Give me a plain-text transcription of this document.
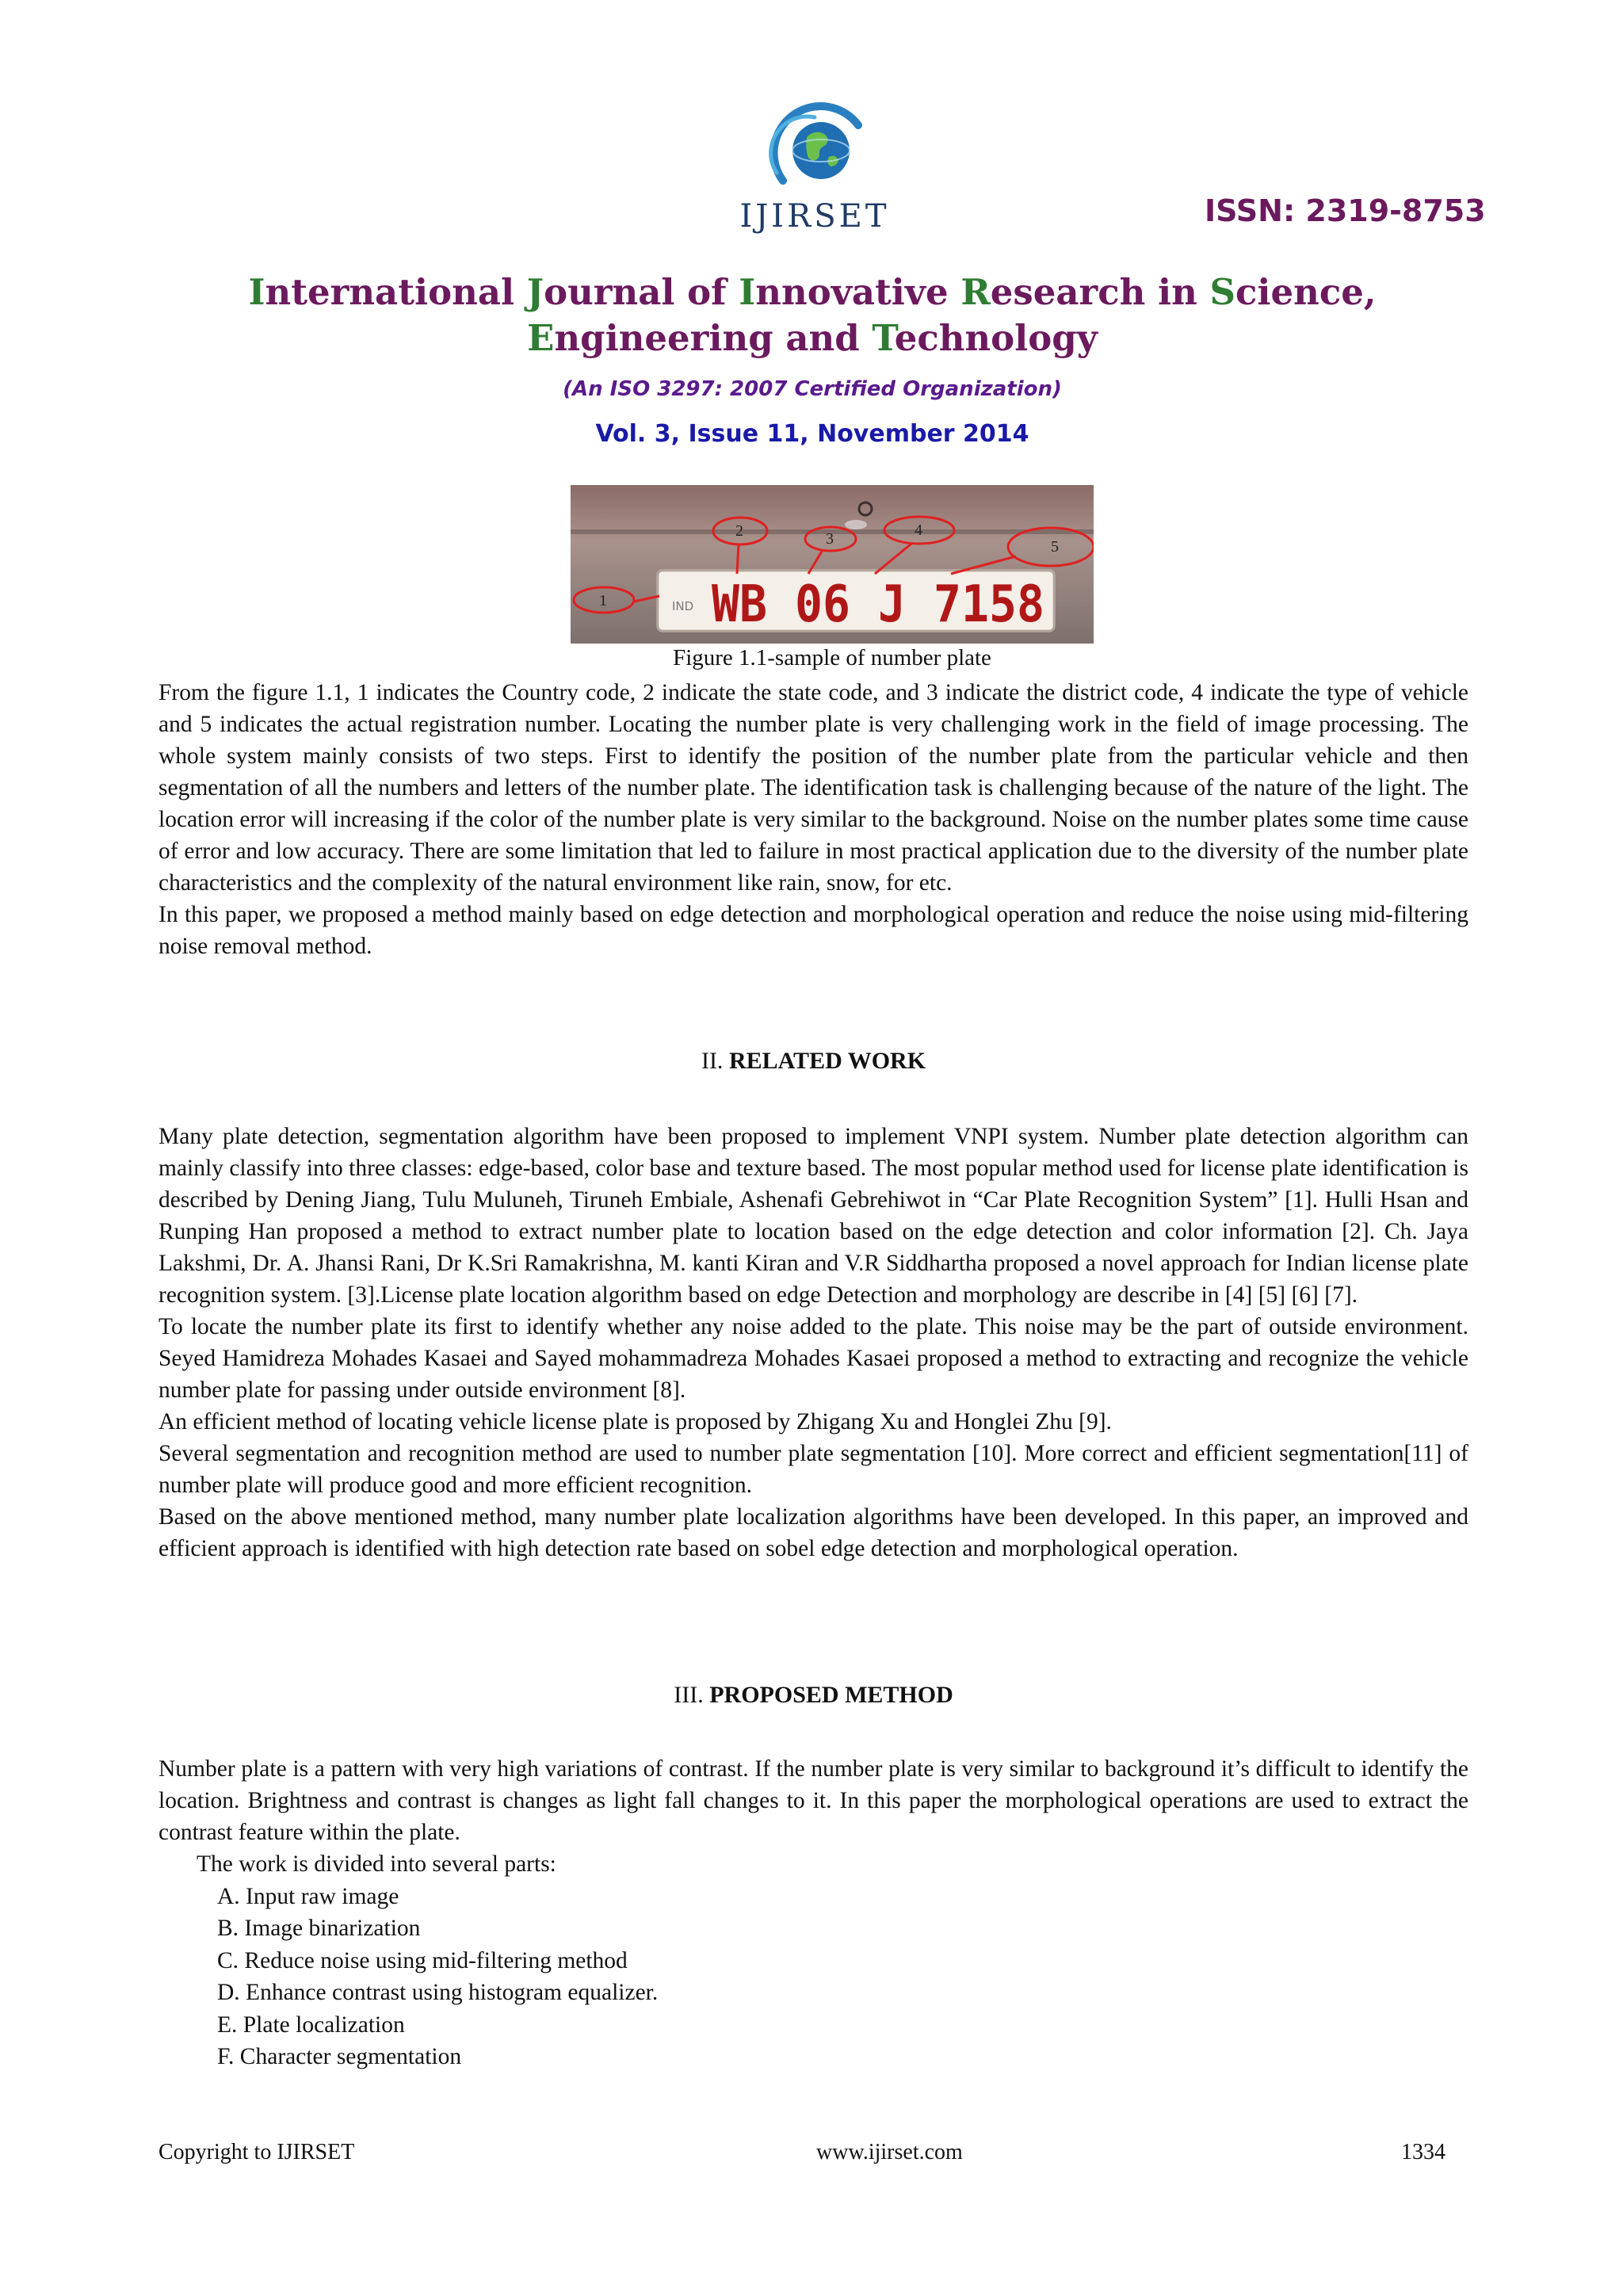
IJIRSET	ISSN: 2319-8753
International Journal of Innovative Research in Science,
Engineering and Technology
(An ISO 3297: 2007 Certified Organization)
Vol. 3, Issue 11, November 2014
IND WB 06 J 7158
1
2	3	4
5
Figure 1.1-sample of number plate

From the figure 1.1, 1 indicates the Country code, 2 indicate the state code, and 3 indicate the district code, 4 indicate the type of vehicle and 5 indicates the actual registration number. Locating the number plate is very challenging work in the field of image processing. The whole system mainly consists of two steps. First to identify the position of the number plate from the particular vehicle and then segmentation of all the numbers and letters of the number plate. The identification task is challenging because of the nature of the light. The location error will increasing if the color of the number plate is very similar to the background. Noise on the number plates some time cause of error and low accuracy. There are some limitation that led to failure in most practical application due to the diversity of the number plate characteristics and the complexity of the natural environment like rain, snow, for etc.

In this paper, we proposed a method mainly based on edge detection and morphological operation and reduce the noise using mid-filtering noise removal method.

II. RELATED WORK

Many plate detection, segmentation algorithm have been proposed to implement VNPI system. Number plate detection algorithm can mainly classify into three classes: edge-based, color base and texture based. The most popular method used for license plate identification is described by Dening Jiang, Tulu Muluneh, Tiruneh Embiale, Ashenafi Gebrehiwot in “Car Plate Recognition System” [1]. Hulli Hsan and Runping Han proposed a method to extract number plate to location based on the edge detection and color information [2]. Ch. Jaya Lakshmi, Dr. A. Jhansi Rani, Dr K.Sri Ramakrishna, M. kanti Kiran and V.R Siddhartha proposed a novel approach for Indian license plate recognition system. [3].License plate location algorithm based on edge Detection and morphology are describe in [4] [5] [6] [7].

To locate the number plate its first to identify whether any noise added to the plate. This noise may be the part of outside environment. Seyed Hamidreza Mohades Kasaei and Sayed mohammadreza Mohades Kasaei proposed a method to extracting and recognize the vehicle number plate for passing under outside environment [8].

An efficient method of locating vehicle license plate is proposed by Zhigang Xu and Honglei Zhu [9].

Several segmentation and recognition method are used to number plate segmentation [10]. More correct and efficient segmentation[11] of number plate will produce good and more efficient recognition.

Based on the above mentioned method, many number plate localization algorithms have been developed. In this paper, an improved and efficient approach is identified with high detection rate based on sobel edge detection and morphological operation.

III. PROPOSED METHOD

Number plate is a pattern with very high variations of contrast. If the number plate is very similar to background it’s difficult to identify the location. Brightness and contrast is changes as light fall changes to it. In this paper the morphological operations are used to extract the contrast feature within the plate.

The work is divided into several parts:
A. Input raw image
B. Image binarization
C. Reduce noise using mid-filtering method
D. Enhance contrast using histogram equalizer.
E. Plate localization
F. Character segmentation
Copyright to IJIRSET	www.ijirset.com	1334
